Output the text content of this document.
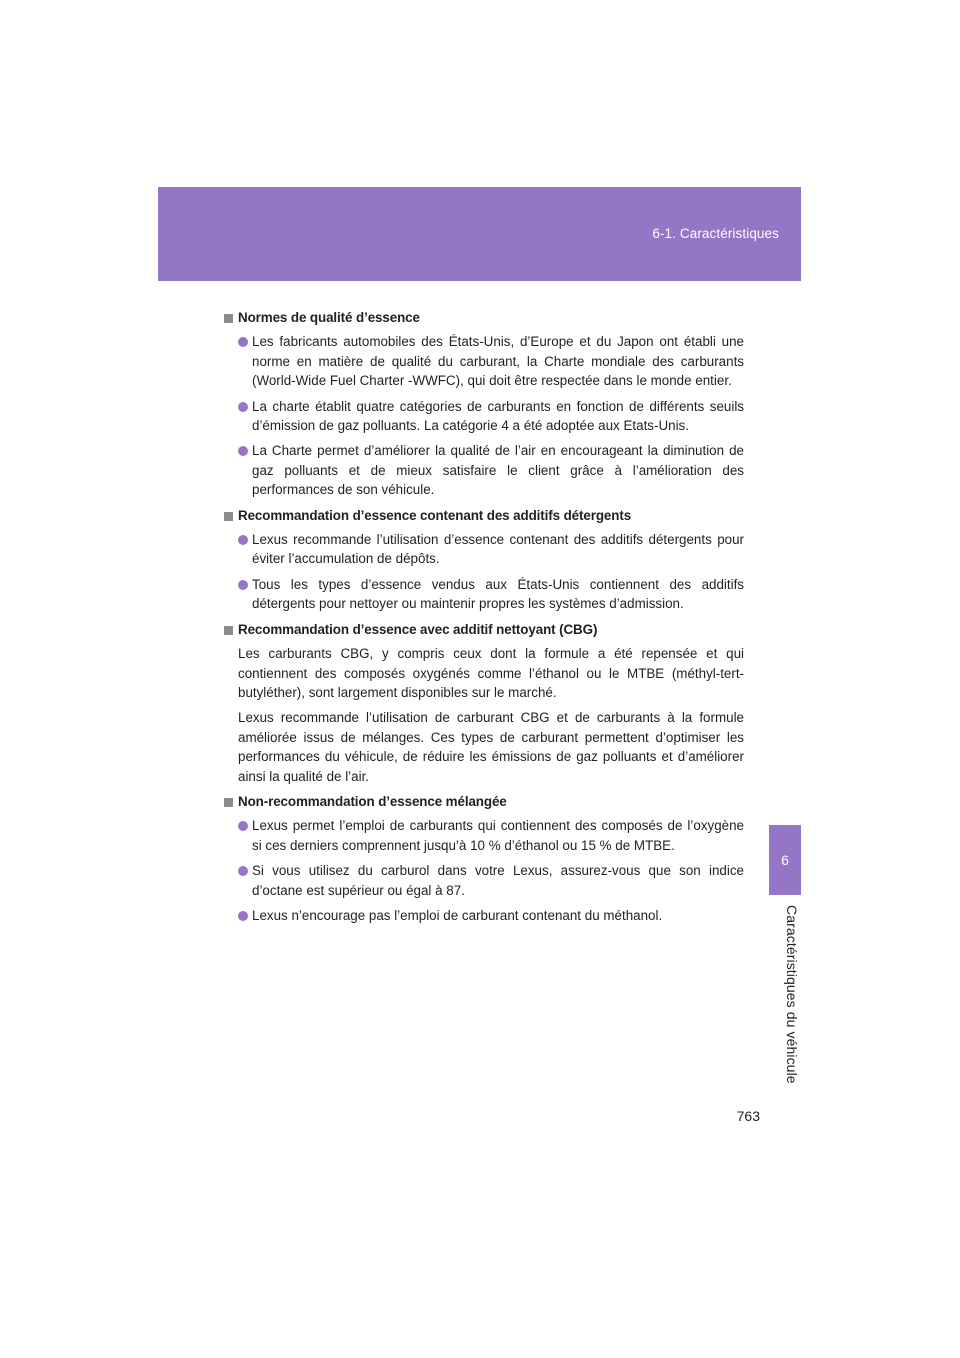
6-1. Caractéristiques
6
Caractéristiques du véhicule
Normes de qualité d’essence
Les fabricants automobiles des États-Unis, d’Europe et du Japon ont établi une norme en matière de qualité du carburant, la Charte mondiale des carburants (World-Wide Fuel Charter -WWFC), qui doit être respectée dans le monde entier.
La charte établit quatre catégories de carburants en fonction de différents seuils d’émission de gaz polluants. La catégorie 4 a été adoptée aux Etats-Unis.
La Charte permet d’améliorer la qualité de l’air en encourageant la diminution de gaz polluants et de mieux satisfaire le client grâce à l’amélioration des performances de son véhicule.
Recommandation d’essence contenant des additifs détergents
Lexus recommande l’utilisation d’essence contenant des additifs détergents pour éviter l’accumulation de dépôts.
Tous les types d’essence vendus aux États-Unis contiennent des additifs détergents pour nettoyer ou maintenir propres les systèmes d’admission.
Recommandation d’essence avec additif nettoyant (CBG)
Les carburants CBG, y compris ceux dont la formule a été repensée et qui contiennent des composés oxygénés comme l’éthanol ou le MTBE (méthyl-tert-butyléther), sont largement disponibles sur le marché.
Lexus recommande l’utilisation de carburant CBG et de carburants à la formule améliorée issus de mélanges. Ces types de carburant permettent d’optimiser les performances du véhicule, de réduire les émissions de gaz polluants et d’améliorer ainsi la qualité de l’air.
Non-recommandation d’essence mélangée
Lexus permet l’emploi de carburants qui contiennent des composés de l’oxygène si ces derniers comprennent jusqu’à 10 % d’éthanol ou 15 % de MTBE.
Si vous utilisez du carburol dans votre Lexus, assurez-vous que son indice d’octane est supérieur ou égal à 87.
Lexus n’encourage pas l’emploi de carburant contenant du méthanol.
763
